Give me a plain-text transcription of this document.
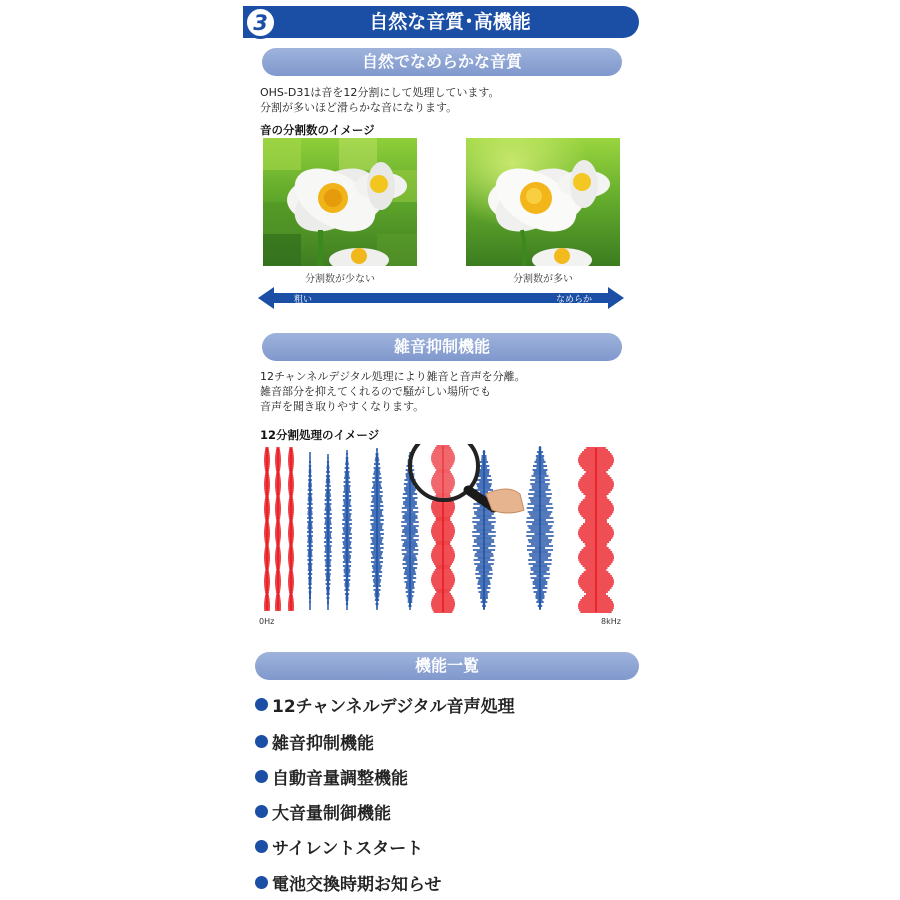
3	自然な音質･高機能
自然でなめらかな音質
OHS-D31は音を12分割にして処理しています。
分割が多いほど滑らかな音になります。
音の分割数のイメージ
分割数が少ない	分割数が多い
粗い	なめらか
雑音抑制機能
12チャンネルデジタル処理により雑音と音声を分離。
雑音部分を抑えてくれるので騒がしい場所でも
音声を聞き取りやすくなります。
12分割処理のイメージ
0Hz	8kHz
機能一覧
12チャンネルデジタル音声処理
雑音抑制機能
自動音量調整機能
大音量制御機能
サイレントスタート
電池交換時期お知らせ
